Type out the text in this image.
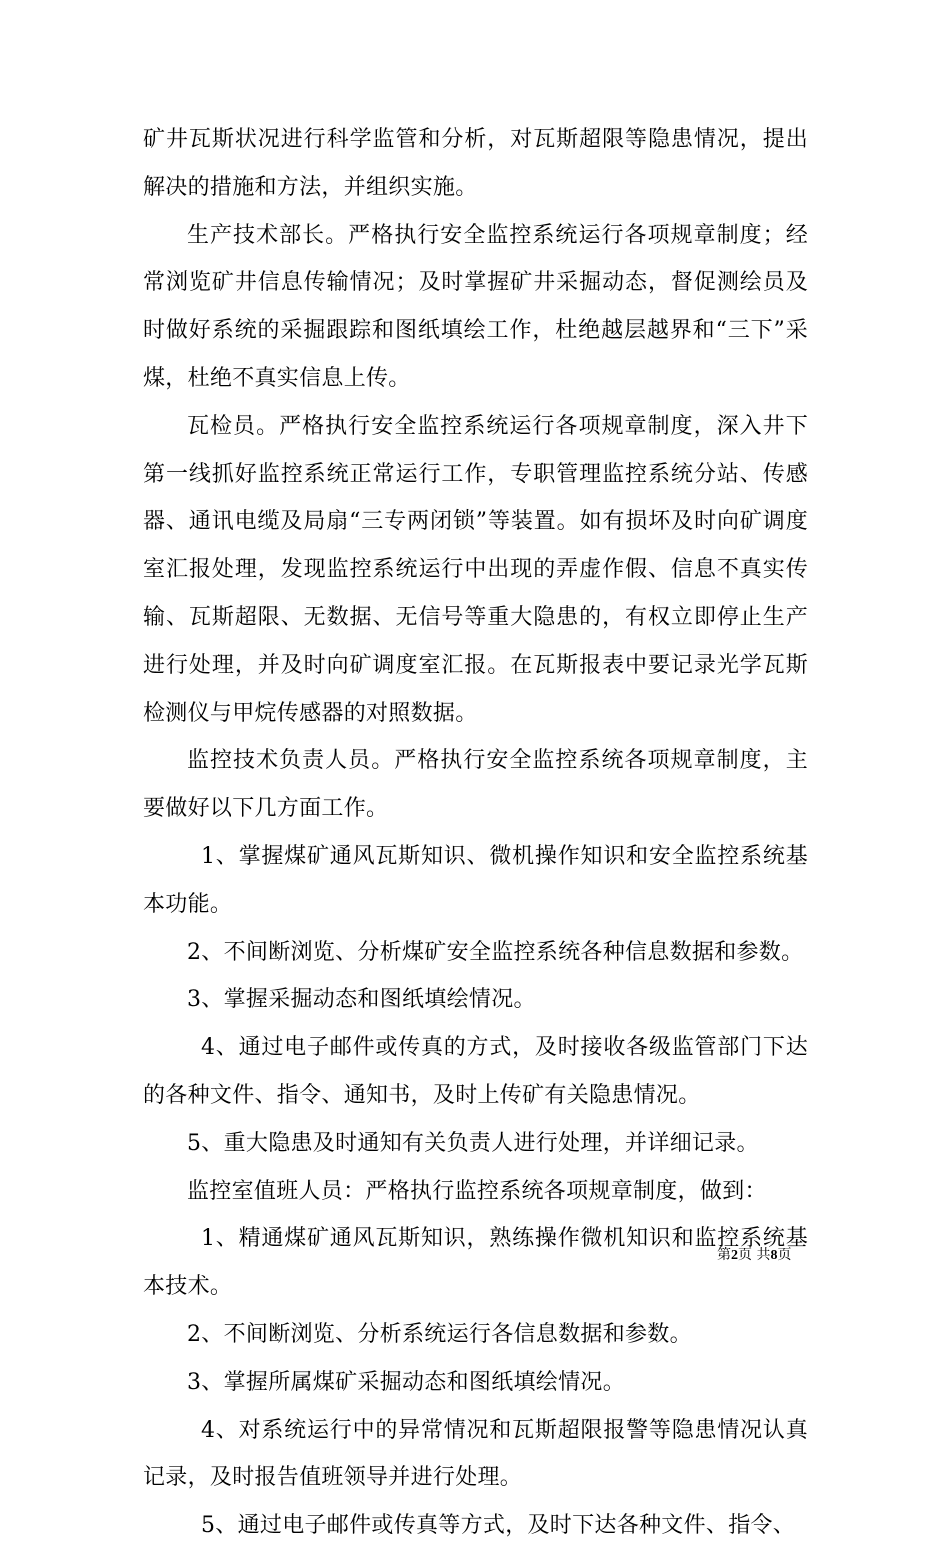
矿井瓦斯状况进行科学监管和分析，对瓦斯超限等隐患情况，提出解决的措施和方法，并组织实施。

生产技术部长。严格执行安全监控系统运行各项规章制度；经常浏览矿井信息传输情况；及时掌握矿井采掘动态，督促测绘员及时做好系统的采掘跟踪和图纸填绘工作，杜绝越层越界和“三下”采煤，杜绝不真实信息上传。

瓦检员。严格执行安全监控系统运行各项规章制度，深入井下第一线抓好监控系统正常运行工作，专职管理监控系统分站、传感器、通讯电缆及局扇“三专两闭锁”等装置。如有损坏及时向矿调度室汇报处理，发现监控系统运行中出现的弄虚作假、信息不真实传输、瓦斯超限、无数据、无信号等重大隐患的，有权立即停止生产进行处理，并及时向矿调度室汇报。在瓦斯报表中要记录光学瓦斯检测仪与甲烷传感器的对照数据。

监控技术负责人员。严格执行安全监控系统各项规章制度，主要做好以下几方面工作。

1、掌握煤矿通风瓦斯知识、微机操作知识和安全监控系统基本功能。

2、不间断浏览、分析煤矿安全监控系统各种信息数据和参数。

3、掌握采掘动态和图纸填绘情况。

4、通过电子邮件或传真的方式，及时接收各级监管部门下达的各种文件、指令、通知书，及时上传矿有关隐患情况。

5、重大隐患及时通知有关负责人进行处理，并详细记录。

监控室值班人员：严格执行监控系统各项规章制度，做到：

1、精通煤矿通风瓦斯知识，熟练操作微机知识和监控系统基本技术。

2、不间断浏览、分析系统运行各信息数据和参数。

3、掌握所属煤矿采掘动态和图纸填绘情况。

4、对系统运行中的异常情况和瓦斯超限报警等隐患情况认真记录，及时报告值班领导并进行处理。

5、通过电子邮件或传真等方式，及时下达各种文件、指令、

第2页 共8页
